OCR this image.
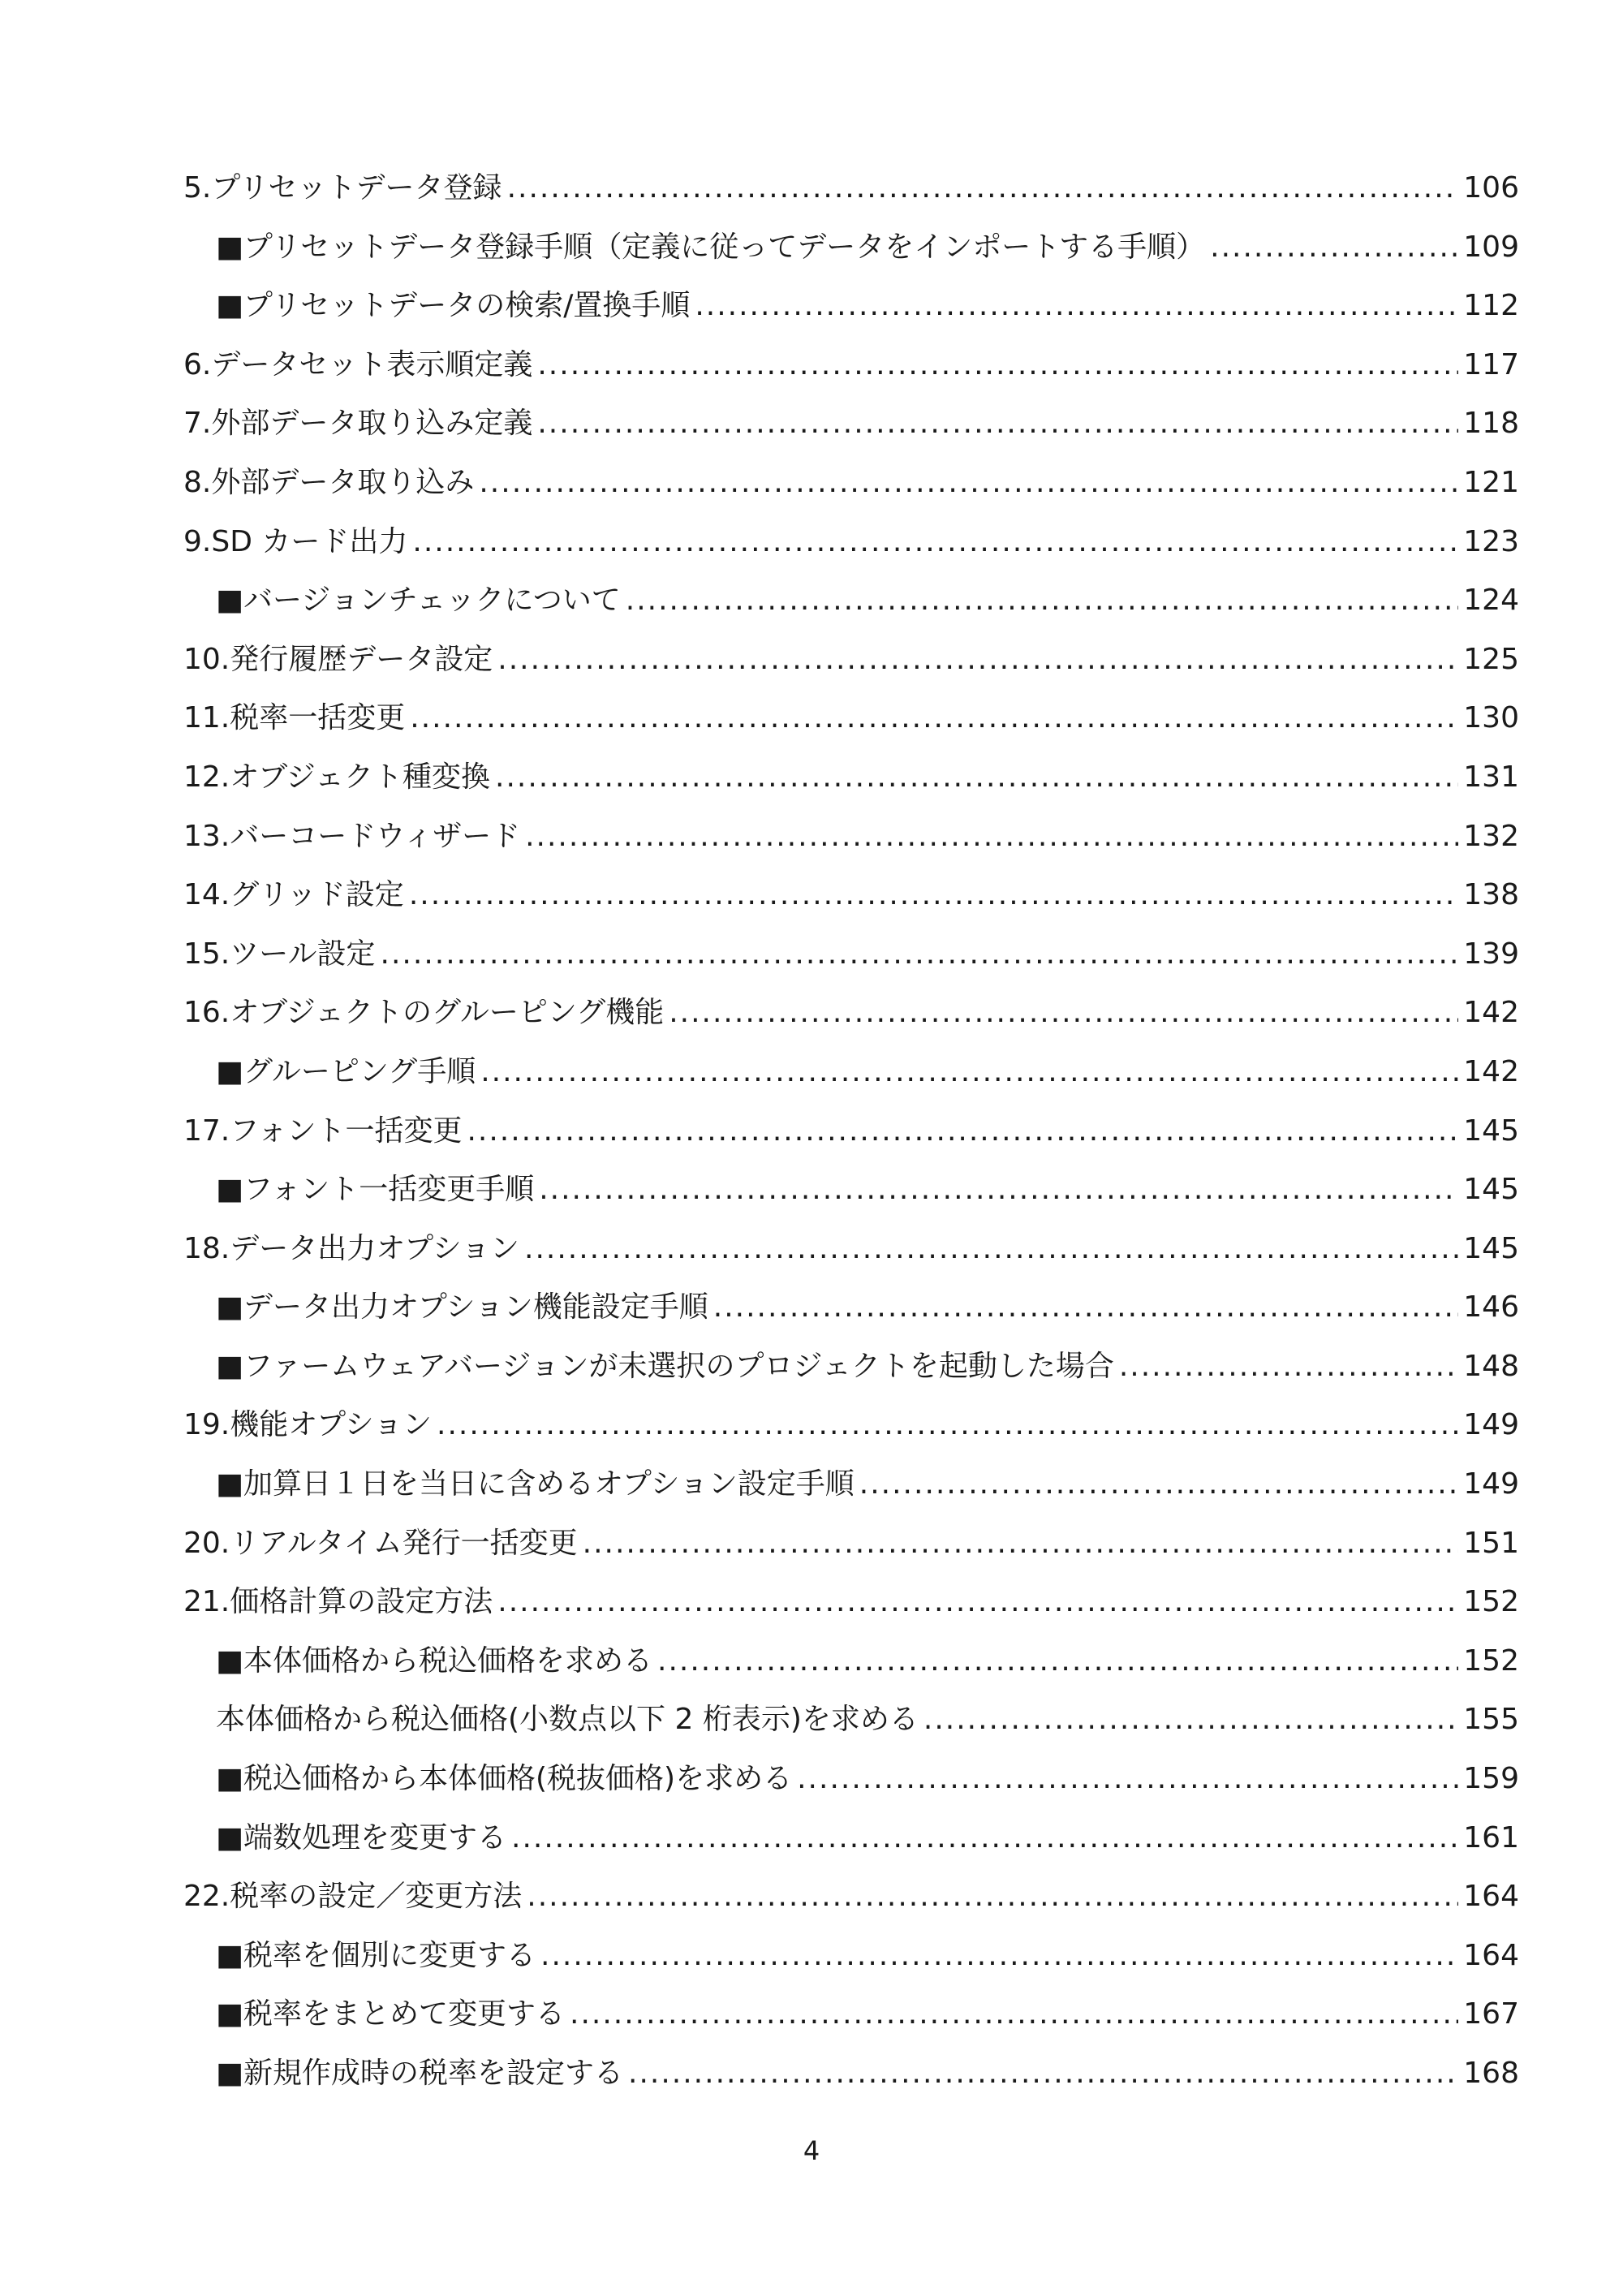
5.プリセットデータ登録 .....	106
■プリセットデータ登録手順（定義に従ってデータをインポートする手順） .....	109
■プリセットデータの検索/置換手順 .....	112
6.データセット表示順定義 .....	117
7.外部データ取り込み定義 .....	118
8.外部データ取り込み .....	121
9.SD カード出力 .....	123
■バージョンチェックについて .....	124
10.発行履歴データ設定 .....	125
11.税率一括変更 .....	130
12.オブジェクト種変換 .....	131
13.バーコードウィザード .....	132
14.グリッド設定 .....	138
15.ツール設定 .....	139
16.オブジェクトのグルーピング機能 .....	142
■グルーピング手順 .....	142
17.フォント一括変更 .....	145
■フォント一括変更手順 .....	145
18.データ出力オプション .....	145
■データ出力オプション機能設定手順 .....	146
■ファームウェアバージョンが未選択のプロジェクトを起動した場合 .....	148
19.機能オプション .....	149
■加算日１日を当日に含めるオプション設定手順 .....	149
20.リアルタイム発行一括変更 .....	151
21.価格計算の設定方法 .....	152
■本体価格から税込価格を求める .....	152
本体価格から税込価格(小数点以下 2 桁表示)を求める .....	155
■税込価格から本体価格(税抜価格)を求める .....	159
■端数処理を変更する .....	161
22.税率の設定／変更方法 .....	164
■税率を個別に変更する .....	164
■税率をまとめて変更する .....	167
■新規作成時の税率を設定する .....	168
4
